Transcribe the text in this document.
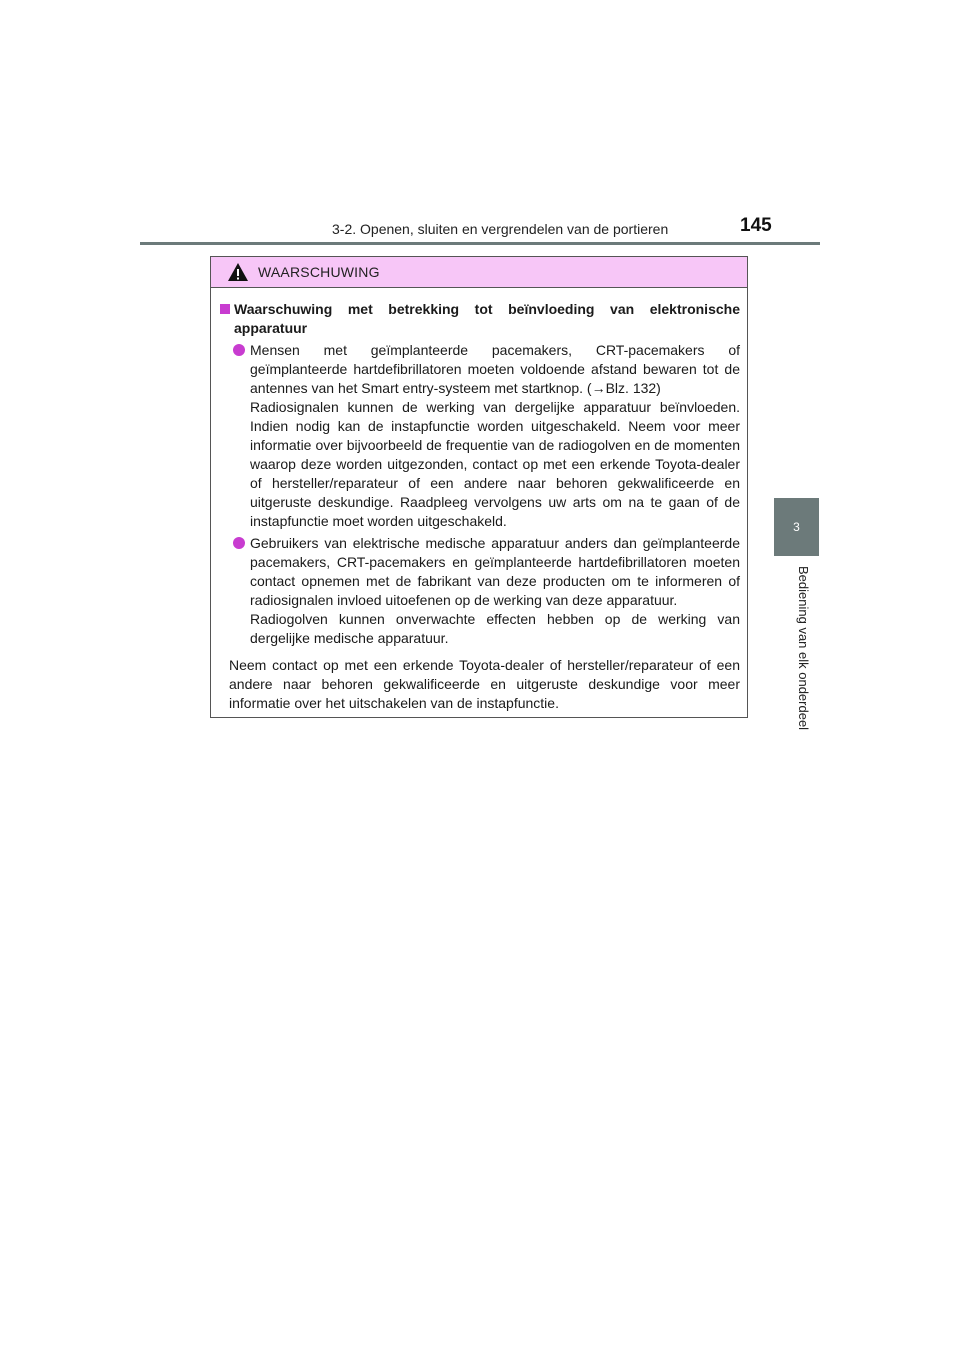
3-2. Openen, sluiten en vergrendelen van de portieren	145
3
Bediening van elk onderdeel
WAARSCHUWING
Waarschuwing met betrekking tot beïnvloeding van elektronische apparatuur

Mensen met geïmplanteerde pacemakers, CRT-pacemakers of geïmplanteerde hartdefibrillatoren moeten voldoende afstand bewaren tot de antennes van het Smart entry-systeem met startknop. (→Blz. 132)

Radiosignalen kunnen de werking van dergelijke apparatuur beïnvloeden. Indien nodig kan de instapfunctie worden uitgeschakeld. Neem voor meer informatie over bijvoorbeeld de frequentie van de radiogolven en de momenten waarop deze worden uitgezonden, contact op met een erkende Toyota-dealer of hersteller/reparateur of een andere naar behoren gekwalificeerde en uitgeruste deskundige. Raadpleeg vervolgens uw arts om na te gaan of de instapfunctie moet worden uitgeschakeld.

Gebruikers van elektrische medische apparatuur anders dan geïmplanteerde pacemakers, CRT-pacemakers en geïmplanteerde hartdefibrillatoren moeten contact opnemen met de fabrikant van deze producten om te informeren of radiosignalen invloed uitoefenen op de werking van deze apparatuur.

Radiogolven kunnen onverwachte effecten hebben op de werking van dergelijke medische apparatuur.

Neem contact op met een erkende Toyota-dealer of hersteller/reparateur of een andere naar behoren gekwalificeerde en uitgeruste deskundige voor meer informatie over het uitschakelen van de instapfunctie.
